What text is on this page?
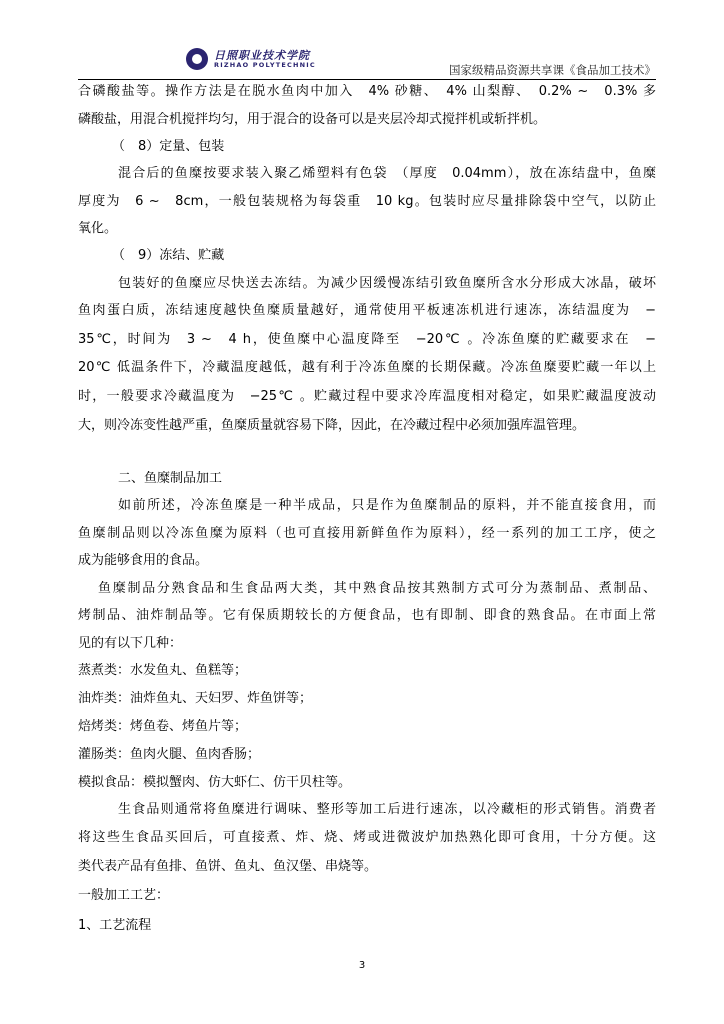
日照职业技术学院
RIZHAO POLYTECHNIC	国家级精品资源共享课《食品加工技术》
合磷酸盐等。操作方法是在脱水鱼肉中加入　4% 砂糖、　4% 山梨醇、　0.2% ~　0.3% 多
磷酸盐，用混合机搅拌均匀，用于混合的设备可以是夹层冷却式搅拌机或斩拌机。
（　8）定量、包装
混合后的鱼糜按要求装入聚乙烯塑料有色袋　（厚度　0.04mm），放在冻结盘中，鱼糜
厚度为　6 ~　8cm，一般包装规格为每袋重　10 kg。包装时应尽量排除袋中空气，以防止
氧化。
（　9）冻结、贮藏
包装好的鱼糜应尽快送去冻结。为减少因缓慢冻结引致鱼糜所含水分形成大冰晶，破坏
鱼肉蛋白质，冻结速度越快鱼糜质量越好，通常使用平板速冻机进行速冻，冻结温度为　−
35℃，时间为　3 ~　4 h，使鱼糜中心温度降至　−20℃ 。冷冻鱼糜的贮藏要求在　−
20℃ 低温条件下，冷藏温度越低，越有利于冷冻鱼糜的长期保藏。冷冻鱼糜要贮藏一年以上
时，一般要求冷藏温度为　−25℃ 。贮藏过程中要求冷库温度相对稳定，如果贮藏温度波动
大，则冷冻变性越严重，鱼糜质量就容易下降，因此，在冷藏过程中必须加强库温管理。
二、鱼糜制品加工
如前所述，冷冻鱼糜是一种半成品，只是作为鱼糜制品的原料，并不能直接食用，而
鱼糜制品则以冷冻鱼糜为原料（也可直接用新鲜鱼作为原料），经一系列的加工工序，使之
成为能够食用的食品。
鱼糜制品分熟食品和生食品两大类，其中熟食品按其熟制方式可分为蒸制品、煮制品、
烤制品、油炸制品等。它有保质期较长的方便食品，也有即制、即食的熟食品。在市面上常
见的有以下几种：
蒸煮类：水发鱼丸、鱼糕等；
油炸类：油炸鱼丸、天妇罗、炸鱼饼等；
焙烤类：烤鱼卷、烤鱼片等；
灌肠类：鱼肉火腿、鱼肉香肠；
模拟食品：模拟蟹肉、仿大虾仁、仿干贝柱等。
生食品则通常将鱼糜进行调味、整形等加工后进行速冻，以冷藏柜的形式销售。消费者
将这些生食品买回后，可直接煮、炸、烧、烤或进微波炉加热熟化即可食用，十分方便。这
类代表产品有鱼排、鱼饼、鱼丸、鱼汉堡、串烧等。
一般加工工艺：
1、工艺流程
3
